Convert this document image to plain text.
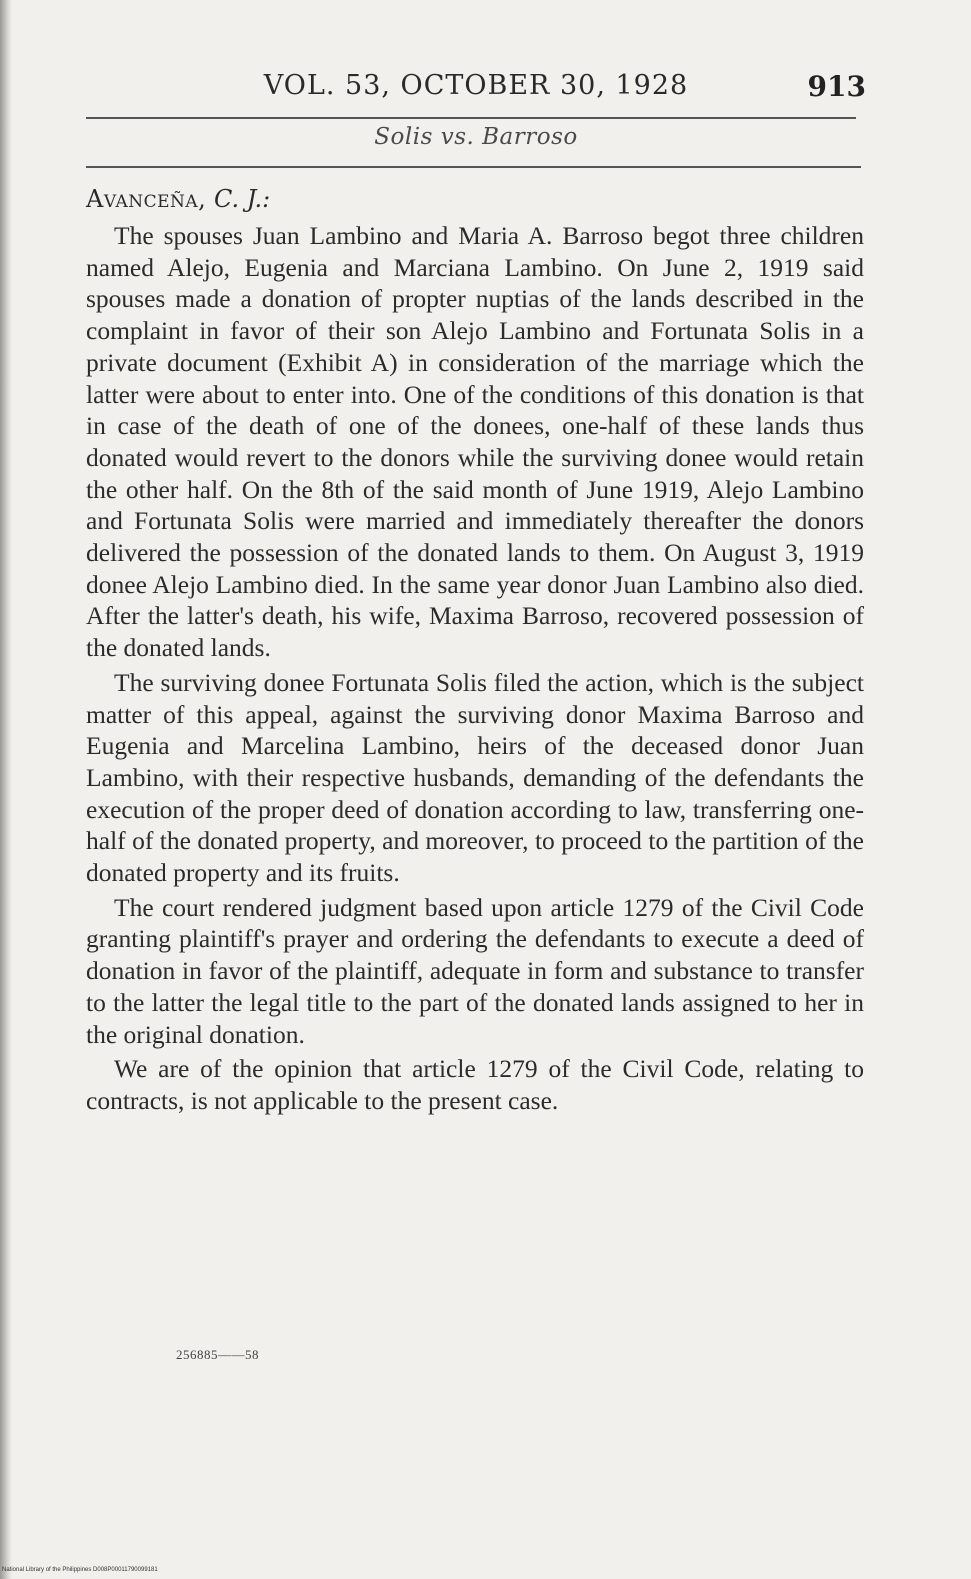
VOL. 53, OCTOBER 30, 1928	913
Solis vs. Barroso
Avanceña, C. J.:

The spouses Juan Lambino and Maria A. Barroso begot three children named Alejo, Eugenia and Marciana Lambino. On June 2, 1919 said spouses made a donation of propter nuptias of the lands described in the complaint in favor of their son Alejo Lambino and Fortunata Solis in a private document (Exhibit A) in consideration of the marriage which the latter were about to enter into. One of the conditions of this donation is that in case of the death of one of the donees, one-half of these lands thus donated would revert to the donors while the surviving donee would retain the other half. On the 8th of the said month of June 1919, Alejo Lambino and Fortunata Solis were married and immediately thereafter the donors delivered the possession of the donated lands to them. On August 3, 1919 donee Alejo Lambino died. In the same year donor Juan Lambino also died. After the latter's death, his wife, Maxima Barroso, recovered possession of the donated lands.

The surviving donee Fortunata Solis filed the action, which is the subject matter of this appeal, against the surviving donor Maxima Barroso and Eugenia and Marcelina Lambino, heirs of the deceased donor Juan Lambino, with their respective husbands, demanding of the defendants the execution of the proper deed of donation according to law, transferring one-half of the donated property, and moreover, to proceed to the partition of the donated property and its fruits.

The court rendered judgment based upon article 1279 of the Civil Code granting plaintiff's prayer and ordering the defendants to execute a deed of donation in favor of the plaintiff, adequate in form and substance to transfer to the latter the legal title to the part of the donated lands assigned to her in the original donation.

We are of the opinion that article 1279 of the Civil Code, relating to contracts, is not applicable to the present case.

256885——58
National Library of the Philippines D008P00011790099181
